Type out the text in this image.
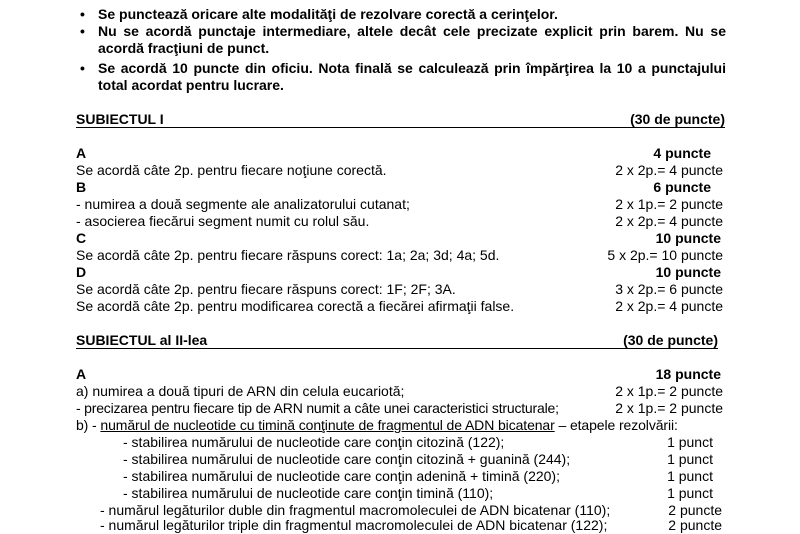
• Se punctează oricare alte modalităţi de rezolvare corectă a cerinţelor.
• Nu se acordă punctaje intermediare, altele decât cele precizate explicit prin barem. Nu se acordă fracţiuni de punct.
• Se acordă 10 puncte din oficiu. Nota finală se calculează prin împărţirea la 10 a punctajului total acordat pentru lucrare.
SUBIECTUL I	(30 de puncte)
A	4 puncte
Se acordă câte 2p. pentru fiecare noţiune corectă.	2 x 2p.= 4 puncte
B	6 puncte
- numirea a două segmente ale analizatorului cutanat;	2 x 1p.= 2 puncte
- asocierea fiecărui segment numit cu rolul său.	2 x 2p.= 4 puncte
C	10 puncte
Se acordă câte 2p. pentru fiecare răspuns corect: 1a; 2a; 3d; 4a; 5d.	5 x 2p.= 10 puncte
D	10 puncte
Se acordă câte 2p. pentru fiecare răspuns corect: 1F; 2F; 3A.	3 x 2p.= 6 puncte
Se acordă câte 2p. pentru modificarea corectă a fiecărei afirmaţii false.	2 x 2p.= 4 puncte
SUBIECTUL al II-lea	(30 de puncte)
A	18 puncte
a) numirea a două tipuri de ARN din celula eucariotă;	2 x 1p.= 2 puncte
- precizarea pentru fiecare tip de ARN numit a câte unei caracteristici structurale;	2 x 1p.= 2 puncte
b) - numărul de nucleotide cu timină conţinute de fragmentul de ADN bicatenar – etapele rezolvării:
- stabilirea numărului de nucleotide care conţin citozină (122);	1 punct
- stabilirea numărului de nucleotide care conţin citozină + guanină (244);	1 punct
- stabilirea numărului de nucleotide care conţin adenină + timină (220);	1 punct
- stabilirea numărului de nucleotide care conţin timină (110);	1 punct
- numărul legăturilor duble din fragmentul macromoleculei de ADN bicatenar (110);	2 puncte
- numărul legăturilor triple din fragmentul macromoleculei de ADN bicatenar (122);	2 puncte
